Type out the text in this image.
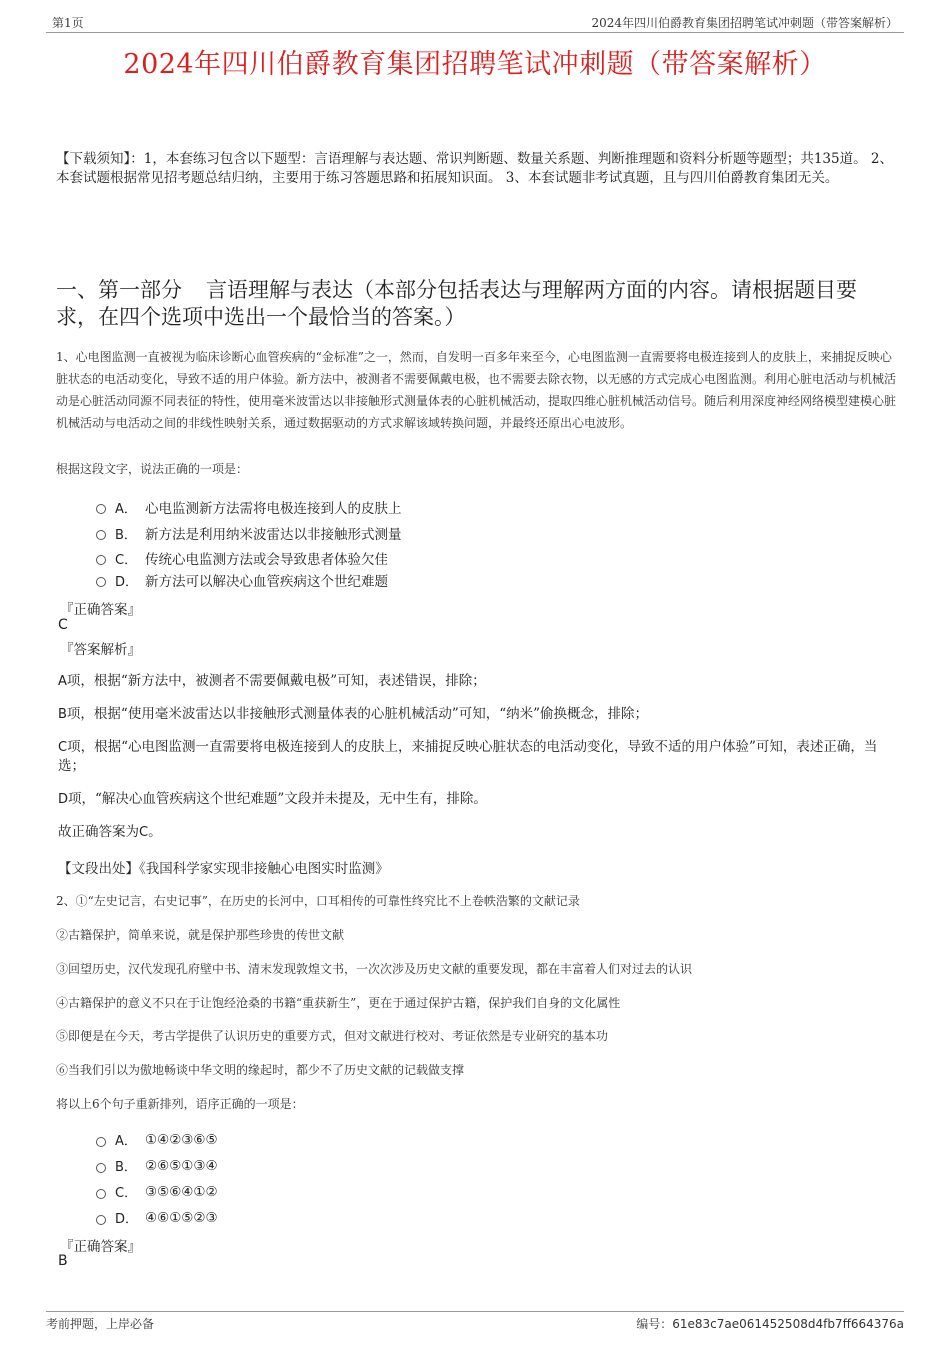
第1页	2024年四川伯爵教育集团招聘笔试冲刺题（带答案解析）
2024年四川伯爵教育集团招聘笔试冲刺题（带答案解析）
【下载须知】：1，本套练习包含以下题型：言语理解与表达题、常识判断题、数量关系题、判断推理题和资料分析题等题型；共135道。 2、本套试题根据常见招考题总结归纳，主要用于练习答题思路和拓展知识面。 3、本套试题非考试真题，且与四川伯爵教育集团无关。
一、第一部分 言语理解与表达（本部分包括表达与理解两方面的内容。请根据题目要求，在四个选项中选出一个最恰当的答案。）
1、心电图监测一直被视为临床诊断心血管疾病的“金标准”之一，然而，自发明一百多年来至今，心电图监测一直需要将电极连接到人的皮肤上，来捕捉反映心脏状态的电活动变化，导致不适的用户体验。新方法中，被测者不需要佩戴电极，也不需要去除衣物，以无感的方式完成心电图监测。利用心脏电活动与机械活动是心脏活动同源不同表征的特性，使用毫米波雷达以非接触形式测量体表的心脏机械活动，提取四维心脏机械活动信号。随后利用深度神经网络模型建模心脏机械活动与电活动之间的非线性映射关系，通过数据驱动的方式求解该域转换问题，并最终还原出心电波形。
根据这段文字，说法正确的一项是：
A． 心电监测新方法需将电极连接到人的皮肤上
B． 新方法是利用纳米波雷达以非接触形式测量
C． 传统心电监测方法或会导致患者体验欠佳
D． 新方法可以解决心血管疾病这个世纪难题
『正确答案』
C
『答案解析』
A项，根据“新方法中，被测者不需要佩戴电极”可知，表述错误，排除；
B项，根据“使用毫米波雷达以非接触形式测量体表的心脏机械活动”可知，“纳米”偷换概念，排除；
C项，根据“心电图监测一直需要将电极连接到人的皮肤上，来捕捉反映心脏状态的电活动变化，导致不适的用户体验”可知，表述正确，当选；
D项，“解决心血管疾病这个世纪难题”文段并未提及，无中生有，排除。
故正确答案为C。
【文段出处】《我国科学家实现非接触心电图实时监测》
2、①“左史记言，右史记事”，在历史的长河中，口耳相传的可靠性终究比不上卷帙浩繁的文献记录
②古籍保护，简单来说，就是保护那些珍贵的传世文献
③回望历史，汉代发现孔府壁中书、清末发现敦煌文书，一次次涉及历史文献的重要发现，都在丰富着人们对过去的认识
④古籍保护的意义不只在于让饱经沧桑的书籍“重获新生”，更在于通过保护古籍，保护我们自身的文化属性
⑤即便是在今天，考古学提供了认识历史的重要方式，但对文献进行校对、考证依然是专业研究的基本功
⑥当我们引以为傲地畅谈中华文明的缘起时，都少不了历史文献的记载做支撑
将以上6个句子重新排列，语序正确的一项是：
A． ①④②③⑥⑤
B． ②⑥⑤①③④
C． ③⑤⑥④①②
D． ④⑥①⑤②③
『正确答案』
B
考前押题，上岸必备	编号：61e83c7ae061452508d4fb7ff664376a
